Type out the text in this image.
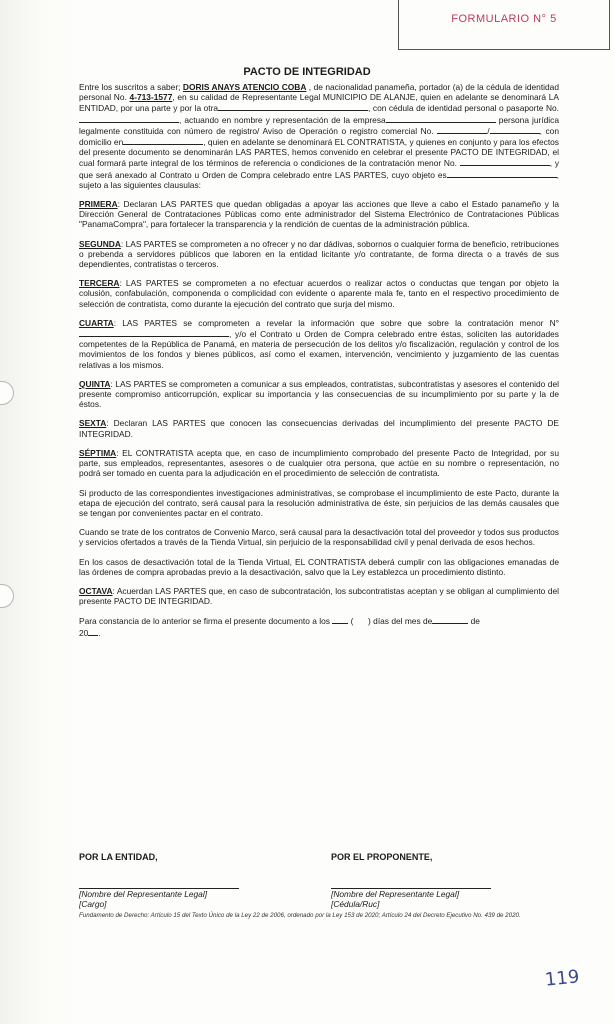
FORMULARIO N° 5
PACTO DE INTEGRIDAD

Entre los suscritos a saber; DORIS ANAYS ATENCIO COBA , de nacionalidad panameña, portador (a) de la cédula de identidad personal No. 4-713-1577, en su calidad de Representante Legal MUNICIPIO DE ALANJE, quien en adelante se denominará LA ENTIDAD, por una parte y por la otra	, con cédula de identidad personal o pasaporte No., actuando en nombre y representación de la empresa	persona jurídica legalmente constituida con número de registro/ Aviso de Operación o registro comercial No.	/	, con domicilio en	, quien en adelante se denominará EL CONTRATISTA, y quienes en conjunto y para los efectos del presente documento se denominarán LAS PARTES, hemos convenido en celebrar el presente PACTO DE INTEGRIDAD, el cual formará parte integral de los términos de referencia o condiciones de la contratación menor No.	, y que será anexado al Contrato u Orden de Compra celebrado entre LAS PARTES, cuyo objeto es	, sujeto a las siguientes clausulas:

PRIMERA: Declaran LAS PARTES que quedan obligadas a apoyar las acciones que lleve a cabo el Estado panameño y la Dirección General de Contrataciones Públicas como ente administrador del Sistema Electrónico de Contrataciones Públicas "PanamaCompra", para fortalecer la transparencia y la rendición de cuentas de la administración pública.

SEGUNDA: LAS PARTES se comprometen a no ofrecer y no dar dádivas, sobornos o cualquier forma de beneficio, retribuciones o prebenda a servidores públicos que laboren en la entidad licitante y/o contratante, de forma directa o a través de sus dependientes, contratistas o terceros.

TERCERA: LAS PARTES se comprometen a no efectuar acuerdos o realizar actos o conductas que tengan por objeto la colusión, confabulación, componenda o complicidad con evidente o aparente mala fe, tanto en el respectivo procedimiento de selección de contratista, como durante la ejecución del contrato que surja del mismo.

CUARTA: LAS PARTES se comprometen a revelar la información que sobre que sobre la contratación menor N° , y/o el Contrato u Orden de Compra celebrado entre éstas, soliciten las autoridades competentes de la República de Panamá, en materia de persecución de los delitos y/o fiscalización, regulación y control de los movimientos de los fondos y bienes públicos, así como el examen, intervención, vencimiento y juzgamiento de las cuentas relativas a los mismos.

QUINTA: LAS PARTES se comprometen a comunicar a sus empleados, contratistas, subcontratistas y asesores el contenido del presente compromiso anticorrupción, explicar su importancia y las consecuencias de su incumplimiento por su parte y la de éstos.

SEXTA: Declaran LAS PARTES que conocen las consecuencias derivadas del incumplimiento del presente PACTO DE INTEGRIDAD.

SÉPTIMA: EL CONTRATISTA acepta que, en caso de incumplimiento comprobado del presente Pacto de Integridad, por su parte, sus empleados, representantes, asesores o de cualquier otra persona, que actúe en su nombre o representación, no podrá ser tomado en cuenta para la adjudicación en el procedimiento de selección de contratista.

Si producto de las correspondientes investigaciones administrativas, se comprobase el incumplimiento de este Pacto, durante la etapa de ejecución del contrato, será causal para la resolución administrativa de éste, sin perjuicios de las demás causales que se tengan por convenientes pactar en el contrato.

Cuando se trate de los contratos de Convenio Marco, será causal para la desactivación total del proveedor y todos sus productos y servicios ofertados a través de la Tienda Virtual, sin perjuicio de la responsabilidad civil y penal derivada de esos hechos.

En los casos de desactivación total de la Tienda Virtual, EL CONTRATISTA deberá cumplir con las obligaciones emanadas de las órdenes de compra aprobadas previo a la desactivación, salvo que la Ley establezca un procedimiento distinto.

OCTAVA: Acuerdan LAS PARTES que, en caso de subcontratación, los subcontratistas aceptan y se obligan al cumplimiento del presente PACTO DE INTEGRIDAD.

Para constancia de lo anterior se firma el presente documento a los ( ) días del mes de	de
20 .

POR LA ENTIDAD,
[Nombre del Representante Legal]
[Cargo]
POR EL PROPONENTE,
[Nombre del Representante Legal]
[Cédula/Ruc]
Fundamento de Derecho: Artículo 15 del Texto Único de la Ley 22 de 2006, ordenado por la Ley 153 de 2020; Artículo 24 del Decreto Ejecutivo No. 439 de 2020.
119
